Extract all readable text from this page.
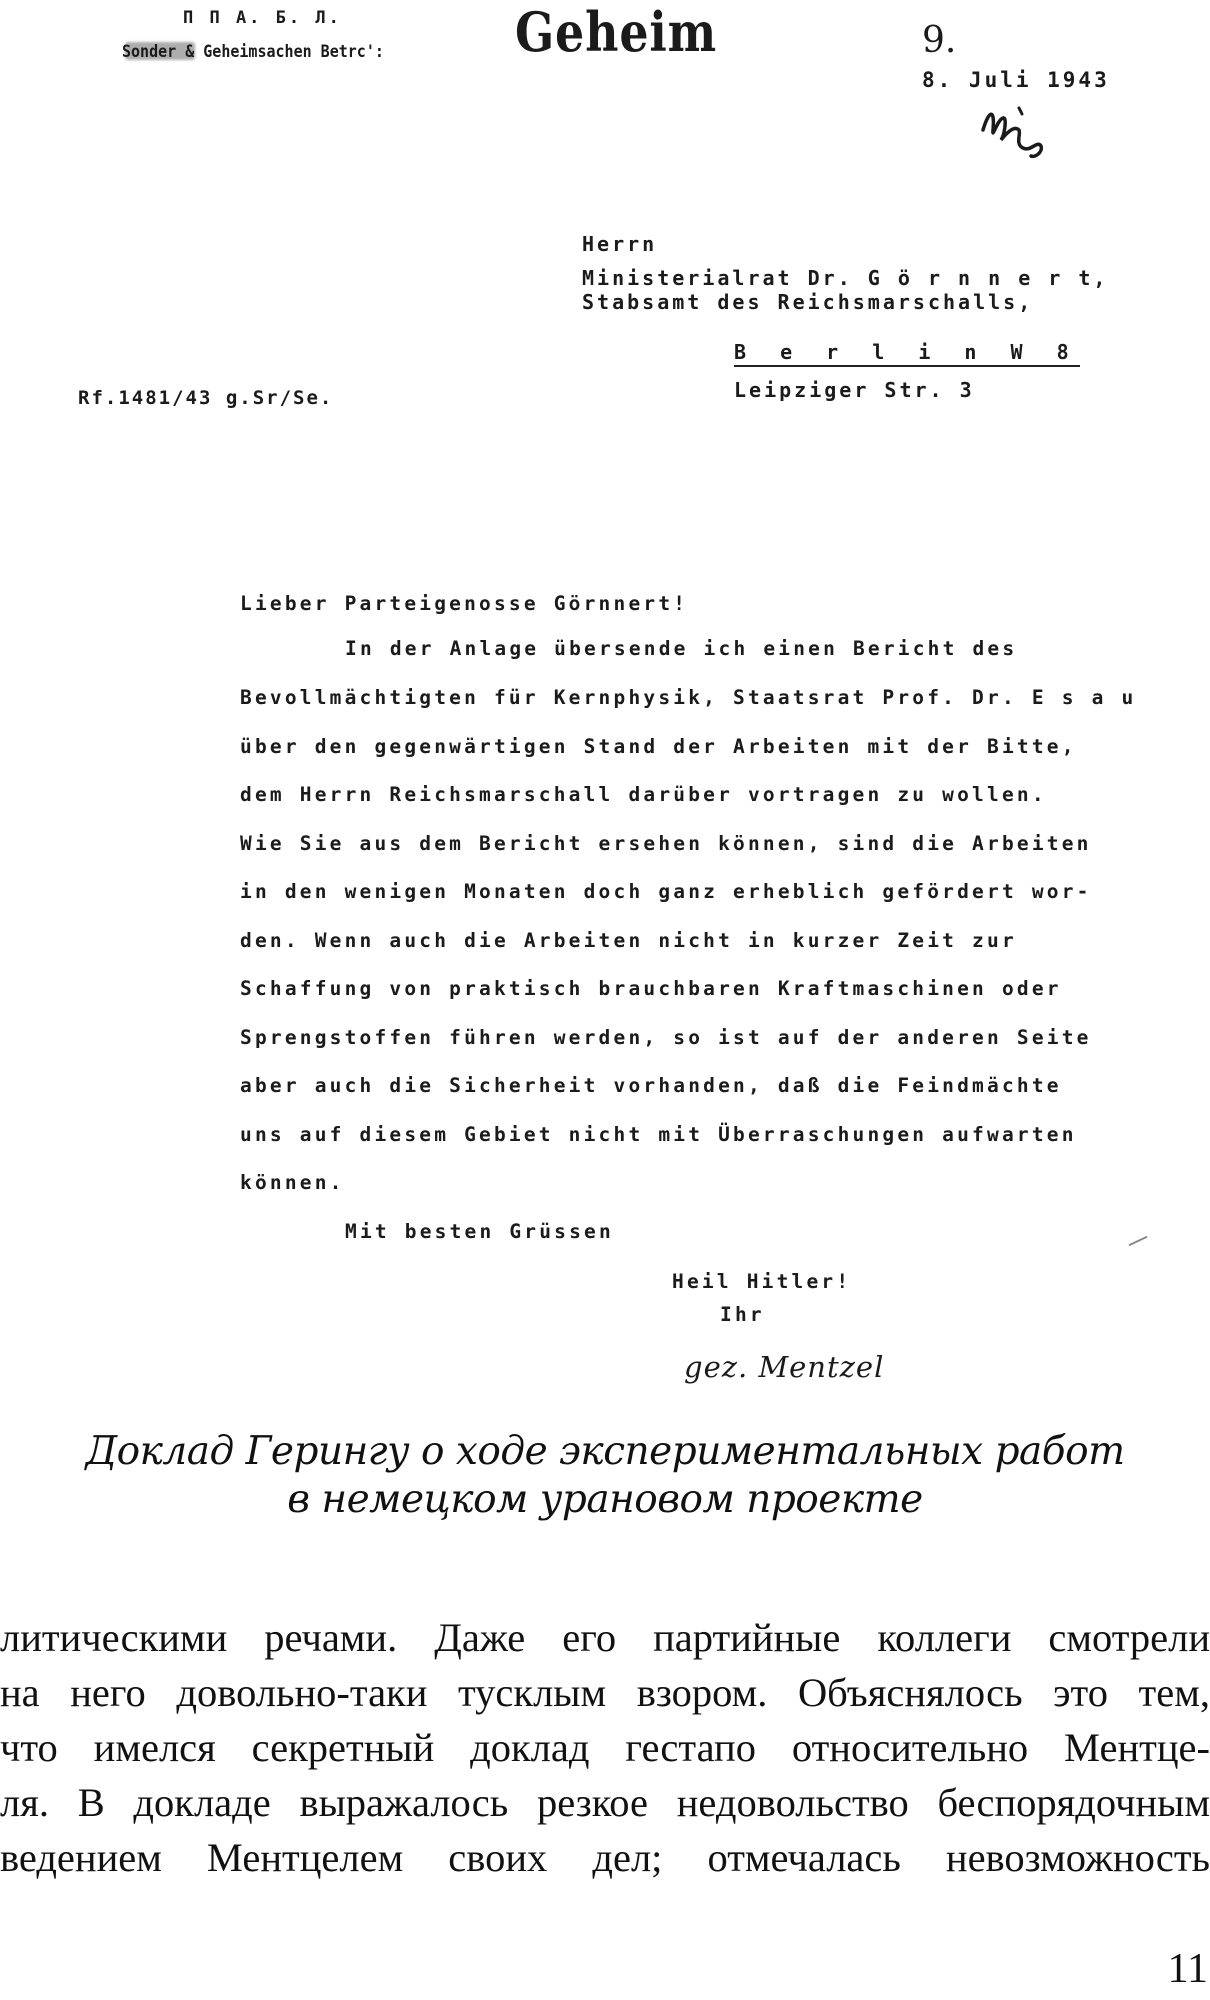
П П А. Б. Л.
Sonder & Geheimsachen Betrc': Geheim	9.
8. Juli 1943
Herrn
Ministerialrat Dr. G ö r n n e r t,
Stabsamt des Reichsmarschalls,
B e r l i n W 8
Leipziger Str. 3
Rf.1481/43 g.Sr/Se.
Lieber Parteigenosse Görnnert!
In der Anlage übersende ich einen Bericht des
Bevollmächtigten für Kernphysik, Staatsrat Prof. Dr. E s a u
über den gegenwärtigen Stand der Arbeiten mit der Bitte,
dem Herrn Reichsmarschall darüber vortragen zu wollen.
Wie Sie aus dem Bericht ersehen können, sind die Arbeiten
in den wenigen Monaten doch ganz erheblich gefördert wor-
den. Wenn auch die Arbeiten nicht in kurzer Zeit zur
Schaffung von praktisch brauchbaren Kraftmaschinen oder
Sprengstoffen führen werden, so ist auf der anderen Seite
aber auch die Sicherheit vorhanden, daß die Feindmächte
uns auf diesem Gebiet nicht mit Überraschungen aufwarten
können.
Mit besten Grüssen
Heil Hitler!
Ihr
gez. Mentzel
Доклад Герингу о ходе экспериментальных работ
в немецком урановом проекте
литическими речами. Даже его партийные коллеги смотрели
на него довольно-таки тусклым взором. Объяснялось это тем,
что имелся секретный доклад гестапо относительно Ментце-
ля. В докладе выражалось резкое недовольство беспорядочным
ведением Ментцелем своих дел; отмечалась невозможность
11
